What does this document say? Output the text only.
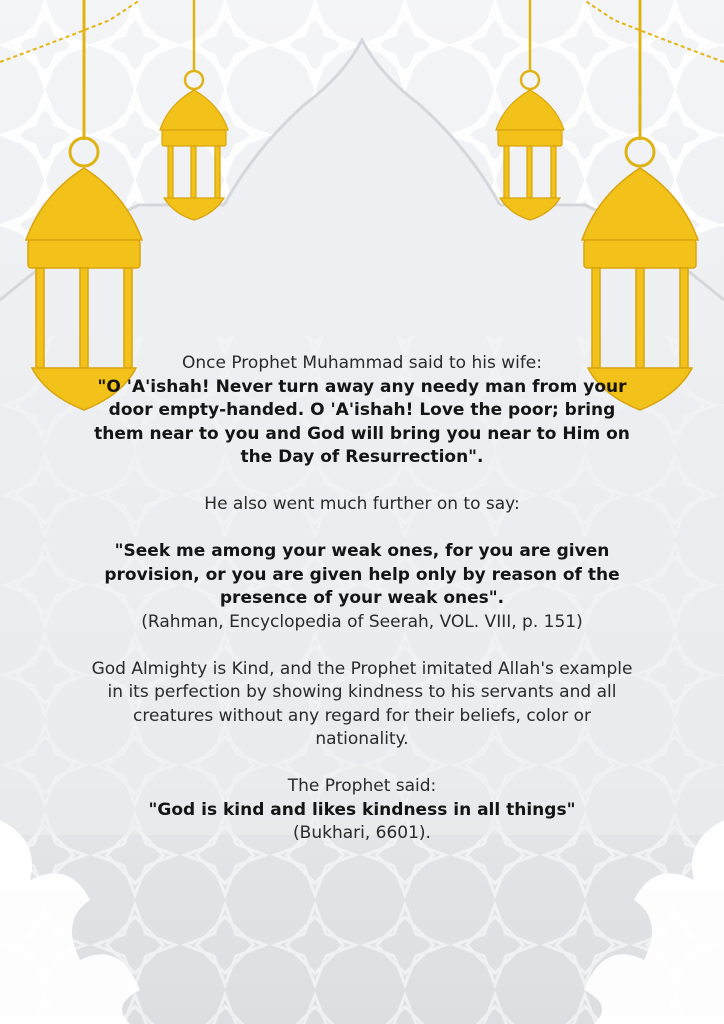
Once Prophet Muhammad said to his wife:

"O 'A'ishah! Never turn away any needy man from your door empty-handed. O 'A'ishah! Love the poor; bring them near to you and God will bring you near to Him on the Day of Resurrection".

He also went much further on to say:

"Seek me among your weak ones, for you are given provision, or you are given help only by reason of the presence of your weak ones".

(Rahman, Encyclopedia of Seerah, VOL. VIII, p. 151)

God Almighty is Kind, and the Prophet imitated Allah's example in its perfection by showing kindness to his servants and all creatures without any regard for their beliefs, color or nationality.

The Prophet said:

"God is kind and likes kindness in all things"

(Bukhari, 6601).
